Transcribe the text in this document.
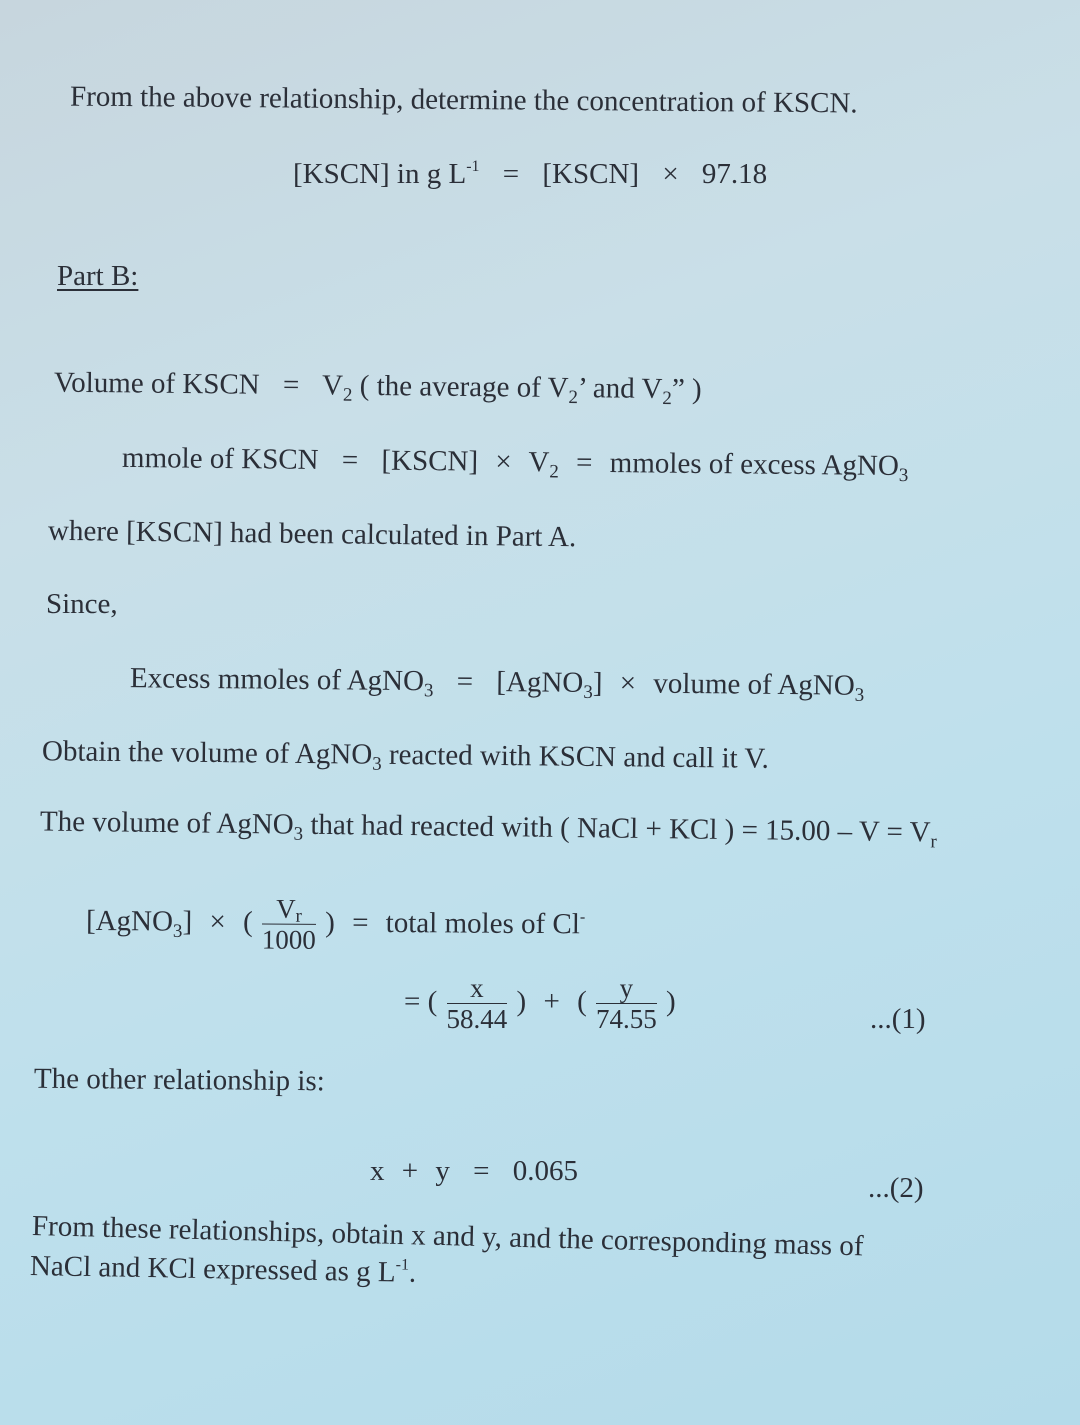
From the above relationship, determine the concentration of KSCN.
[KSCN] in g $L^{-1}$ = [KSCN] × 97.18
Part B:
Volume of KSCN = $V_2$ ( the average of $V_2$’ and $V_2$” )
mmole of KSCN = [KSCN] × $V_2$ = mmoles of excess AgNO$_3$
where [KSCN] had been calculated in Part A.
Since,
Excess mmoles of AgNO$_3$ = [AgNO$_3$] × volume of AgNO$_3$
Obtain the volume of AgNO$_3$ reacted with KSCN and call it V.
The volume of AgNO$_3$ that had reacted with ( NaCl + KCl ) = $15.00 - V = V_r$
[AgNO$_3$] × ( $\frac{Vr}{1000}$ ) = total moles of Cl-
= ( $\frac{x}{58.44}$ ) + ( $\frac{y}{74.55}$ )
...(1)
The other relationship is:
x + y = 0.065
...(2)
From these relationships, obtain x and y, and the corresponding mass of
NaCl and KCl expressed as g $L^{-1}$.
